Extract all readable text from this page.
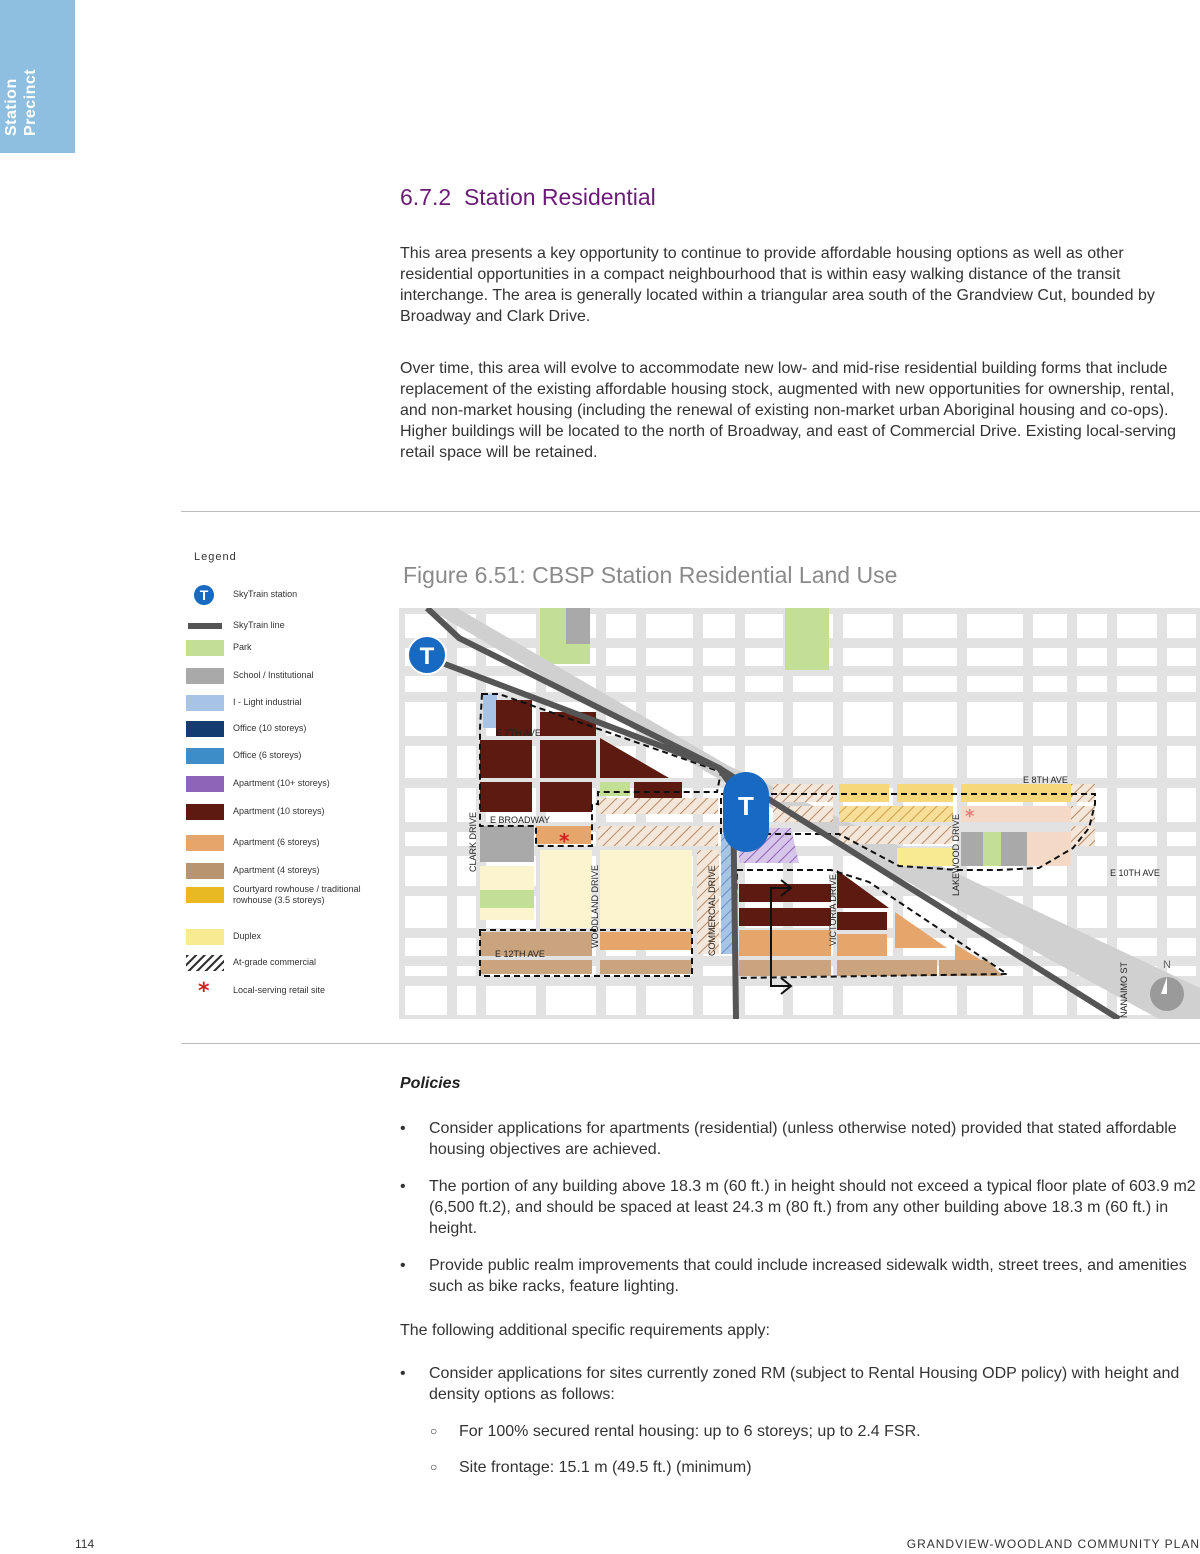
Station Precinct
6.7.2 Station Residential

This area presents a key opportunity to continue to provide affordable housing options as well as other residential opportunities in a compact neighbourhood that is within easy walking distance of the transit interchange. The area is generally located within a triangular area south of the Grandview Cut, bounded by Broadway and Clark Drive.

Over time, this area will evolve to accommodate new low- and mid-rise residential building forms that include replacement of the existing affordable housing stock, augmented with new opportunities for ownership, rental, and non-market housing (including the renewal of existing non-market urban Aboriginal housing and co-ops). Higher buildings will be located to the north of Broadway, and east of Commercial Drive. Existing local-serving retail space will be retained.

Legend
T	SkyTrain station
SkyTrain line
Park
School / Institutional
I - Light industrial
Office (10 storeys)
Office (6 storeys)
Apartment (10+ storeys)
Apartment (10 storeys)
Apartment (6 storeys)
Apartment (4 storeys)
Courtyard rowhouse / traditional rowhouse (3.5 storeys)
Duplex
At-grade commercial
*	Local-serving retail site
Figure 6.51: CBSP Station Residential Land Use
*
*
T
T
E 7TH AVE
E BROADWAY
E 8TH AVE
E 10TH AVE
E 12TH AVE
CLARK DRIVE
WOODLAND DRIVE	COMMERCIAL DRIVE	VICTORIA DRIVE
LAKEWOOD DRIVE
NANAIMO ST	N
Policies
• Consider applications for apartments (residential) (unless otherwise noted) provided that stated affordable housing objectives are achieved.
• The portion of any building above 18.3 m (60 ft.) in height should not exceed a typical floor plate of 603.9 m2 (6,500 ft.2), and should be spaced at least 24.3 m (80 ft.) from any other building above 18.3 m (60 ft.) in height.
• Provide public realm improvements that could include increased sidewalk width, street trees, and amenities such as bike racks, feature lighting.
The following additional specific requirements apply:
• Consider applications for sites currently zoned RM (subject to Rental Housing ODP policy) with height and density options as follows:
○ For 100% secured rental housing: up to 6 storeys; up to 2.4 FSR.
○ Site frontage: 15.1 m (49.5 ft.) (minimum)
114	GRANDVIEW-WOODLAND COMMUNITY PLAN
